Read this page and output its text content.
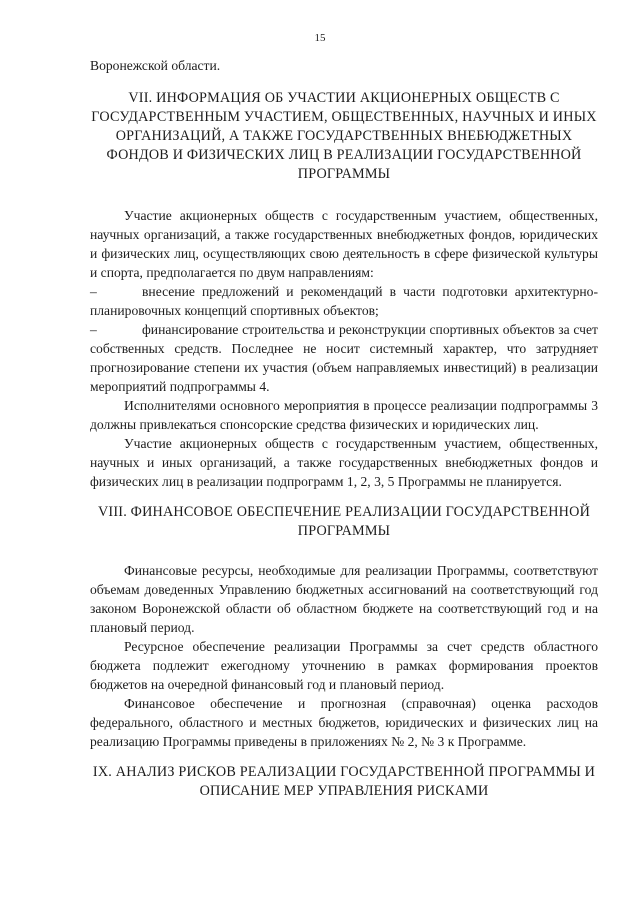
15

Воронежской области.

VII. ИНФОРМАЦИЯ ОБ УЧАСТИИ АКЦИОНЕРНЫХ ОБЩЕСТВ С ГОСУДАРСТВЕННЫМ УЧАСТИЕМ, ОБЩЕСТВЕННЫХ, НАУЧНЫХ И ИНЫХ ОРГАНИЗАЦИЙ, А ТАКЖЕ ГОСУДАРСТВЕННЫХ ВНЕБЮДЖЕТНЫХ ФОНДОВ И ФИЗИЧЕСКИХ ЛИЦ В РЕАЛИЗАЦИИ ГОСУДАРСТВЕННОЙ ПРОГРАММЫ

Участие акционерных обществ с государственным участием, общественных, научных организаций, а также государственных внебюджетных фондов, юридических и физических лиц, осуществляющих свою деятельность в сфере физической культуры и спорта, предполагается по двум направлениям:

–	внесение предложений и рекомендаций в части подготовки архитектурно-планировочных концепций спортивных объектов;

–	финансирование строительства и реконструкции спортивных объектов за счет собственных средств. Последнее не носит системный характер, что затрудняет прогнозирование степени их участия (объем направляемых инвестиций) в реализации мероприятий подпрограммы 4.

Исполнителями основного мероприятия в процессе реализации подпрограммы 3 должны привлекаться спонсорские средства физических и юридических лиц.

Участие акционерных обществ с государственным участием, общественных, научных и иных организаций, а также государственных внебюджетных фондов и физических лиц в реализации подпрограмм 1, 2, 3, 5 Программы не планируется.

VIII. ФИНАНСОВОЕ ОБЕСПЕЧЕНИЕ РЕАЛИЗАЦИИ ГОСУДАРСТВЕННОЙ ПРОГРАММЫ

Финансовые ресурсы, необходимые для реализации Программы, соответствуют объемам доведенных Управлению бюджетных ассигнований на соответствующий год законом Воронежской области об областном бюджете на соответствующий год и на плановый период.

Ресурсное обеспечение реализации Программы за счет средств областного бюджета подлежит ежегодному уточнению в рамках формирования проектов бюджетов на очередной финансовый год и плановый период.

Финансовое обеспечение и прогнозная (справочная) оценка расходов федерального, областного и местных бюджетов, юридических и физических лиц на реализацию Программы приведены в приложениях № 2, № 3 к Программе.

IX. АНАЛИЗ РИСКОВ РЕАЛИЗАЦИИ ГОСУДАРСТВЕННОЙ ПРОГРАММЫ И ОПИСАНИЕ МЕР УПРАВЛЕНИЯ РИСКАМИ
